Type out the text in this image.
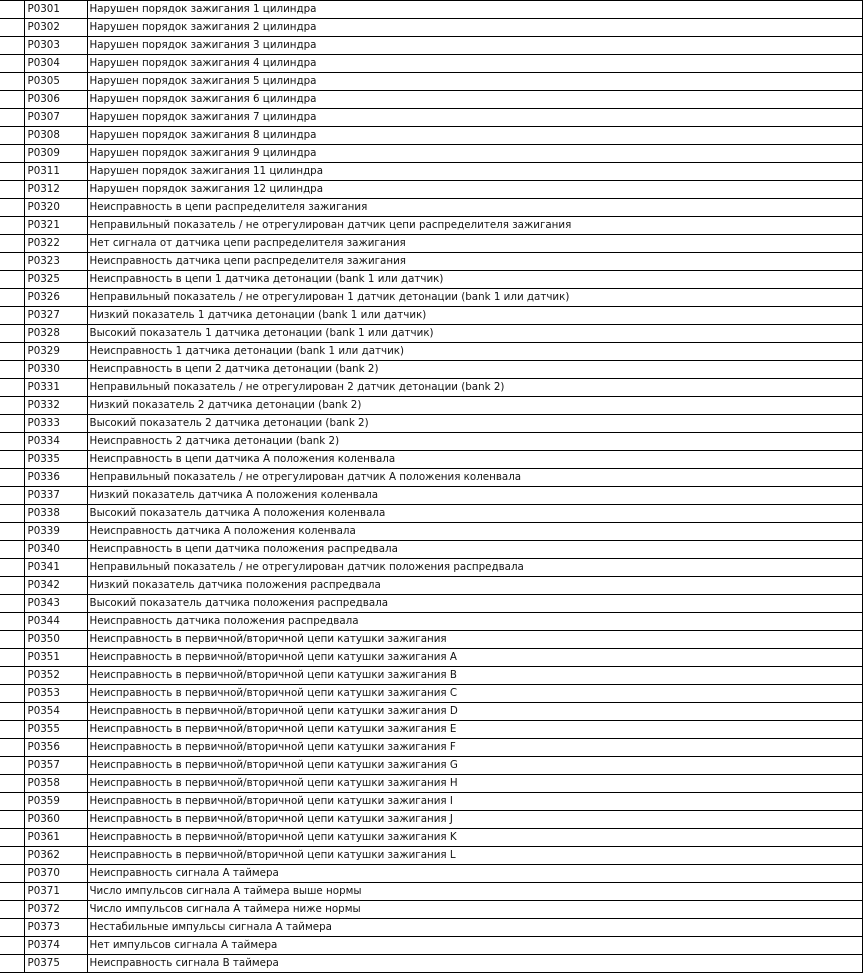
	P0301	Нарушен порядок зажигания 1 цилиндра
	P0302	Нарушен порядок зажигания 2 цилиндра
	P0303	Нарушен порядок зажигания 3 цилиндра
	P0304	Нарушен порядок зажигания 4 цилиндра
	P0305	Нарушен порядок зажигания 5 цилиндра
	P0306	Нарушен порядок зажигания 6 цилиндра
	P0307	Нарушен порядок зажигания 7 цилиндра
	P0308	Нарушен порядок зажигания 8 цилиндра
	P0309	Нарушен порядок зажигания 9 цилиндра
	P0311	Нарушен порядок зажигания 11 цилиндра
	P0312	Нарушен порядок зажигания 12 цилиндра
	P0320	Неисправность в цепи распределителя зажигания
	P0321	Неправильный показатель / не отрегулирован датчик цепи распределителя зажигания
	P0322	Нет сигнала от датчика цепи распределителя зажигания
	P0323	Неисправность датчика цепи распределителя зажигания
	P0325	Неисправность в цепи 1 датчика детонации (bank 1 или датчик)
	P0326	Неправильный показатель / не отрегулирован 1 датчик детонации (bank 1 или датчик)
	P0327	Низкий показатель 1 датчика детонации (bank 1 или датчик)
	P0328	Высокий показатель 1 датчика детонации (bank 1 или датчик)
	P0329	Неисправность 1 датчика детонации (bank 1 или датчик)
	P0330	Неисправность в цепи 2 датчика детонации (bank 2)
	P0331	Неправильный показатель / не отрегулирован 2 датчик детонации (bank 2)
	P0332	Низкий показатель 2 датчика детонации (bank 2)
	P0333	Высокий показатель 2 датчика детонации (bank 2)
	P0334	Неисправность 2 датчика детонации (bank 2)
	P0335	Неисправность в цепи датчика A положения коленвала
	P0336	Неправильный показатель / не отрегулирован датчик A положения коленвала
	P0337	Низкий показатель датчика A положения коленвала
	P0338	Высокий показатель датчика A положения коленвала
	P0339	Неисправность датчика A положения коленвала
	P0340	Неисправность в цепи датчика положения распредвала
	P0341	Неправильный показатель / не отрегулирован датчик положения распредвала
	P0342	Низкий показатель датчика положения распредвала
	P0343	Высокий показатель датчика положения распредвала
	P0344	Неисправность датчика положения распредвала
	P0350	Неисправность в первичной/вторичной цепи катушки зажигания
	P0351	Неисправность в первичной/вторичной цепи катушки зажигания A
	P0352	Неисправность в первичной/вторичной цепи катушки зажигания B
	P0353	Неисправность в первичной/вторичной цепи катушки зажигания C
	P0354	Неисправность в первичной/вторичной цепи катушки зажигания D
	P0355	Неисправность в первичной/вторичной цепи катушки зажигания E
	P0356	Неисправность в первичной/вторичной цепи катушки зажигания F
	P0357	Неисправность в первичной/вторичной цепи катушки зажигания G
	P0358	Неисправность в первичной/вторичной цепи катушки зажигания H
	P0359	Неисправность в первичной/вторичной цепи катушки зажигания I
	P0360	Неисправность в первичной/вторичной цепи катушки зажигания J
	P0361	Неисправность в первичной/вторичной цепи катушки зажигания K
	P0362	Неисправность в первичной/вторичной цепи катушки зажигания L
	P0370	Неисправность сигнала A таймера
	P0371	Число импульсов сигнала A таймера выше нормы
	P0372	Число импульсов сигнала A таймера ниже нормы
	P0373	Нестабильные импульсы сигнала A таймера
	P0374	Нет импульсов сигнала A таймера
	P0375	Неисправность сигнала B таймера
